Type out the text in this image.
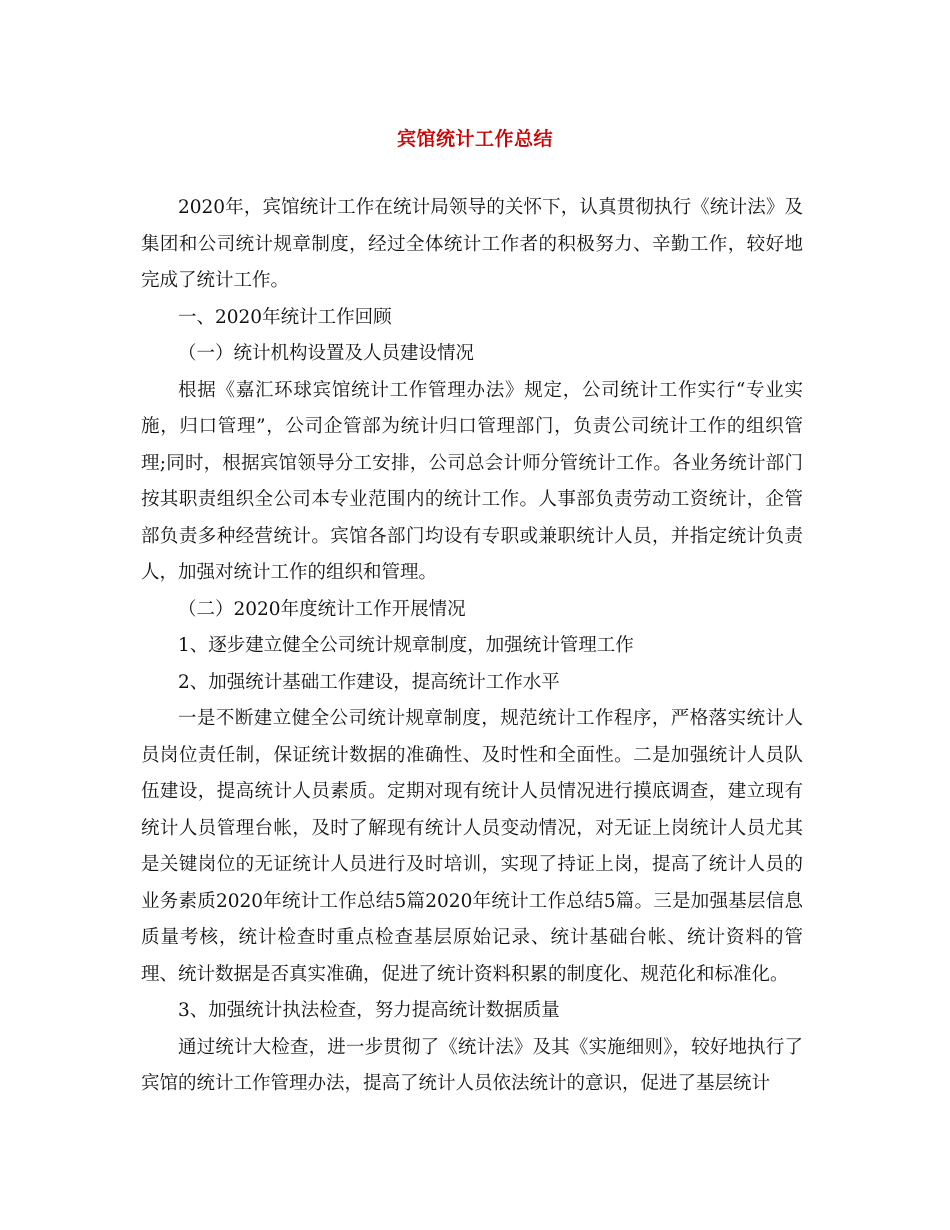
宾馆统计工作总结

2020年，宾馆统计工作在统计局领导的关怀下，认真贯彻执行《统计法》及集团和公司统计规章制度，经过全体统计工作者的积极努力、辛勤工作，较好地完成了统计工作。

一、2020年统计工作回顾

（一）统计机构设置及人员建设情况

根据《嘉汇环球宾馆统计工作管理办法》规定，公司统计工作实行“专业实施，归口管理”，公司企管部为统计归口管理部门，负责公司统计工作的组织管理;同时，根据宾馆领导分工安排，公司总会计师分管统计工作。各业务统计部门按其职责组织全公司本专业范围内的统计工作。人事部负责劳动工资统计，企管部负责多种经营统计。宾馆各部门均设有专职或兼职统计人员，并指定统计负责人，加强对统计工作的组织和管理。

（二）2020年度统计工作开展情况

1、逐步建立健全公司统计规章制度，加强统计管理工作

2、加强统计基础工作建设，提高统计工作水平

一是不断建立健全公司统计规章制度，规范统计工作程序，严格落实统计人员岗位责任制，保证统计数据的准确性、及时性和全面性。二是加强统计人员队伍建设，提高统计人员素质。定期对现有统计人员情况进行摸底调查，建立现有统计人员管理台帐，及时了解现有统计人员变动情况，对无证上岗统计人员尤其是关键岗位的无证统计人员进行及时培训，实现了持证上岗，提高了统计人员的业务素质2020年统计工作总结5篇2020年统计工作总结5篇。三是加强基层信息质量考核，统计检查时重点检查基层原始记录、统计基础台帐、统计资料的管理、统计数据是否真实准确，促进了统计资料积累的制度化、规范化和标准化。

3、加强统计执法检查，努力提高统计数据质量

通过统计大检查，进一步贯彻了《统计法》及其《实施细则》，较好地执行了宾馆的统计工作管理办法，提高了统计人员依法统计的意识，促进了基层统计
